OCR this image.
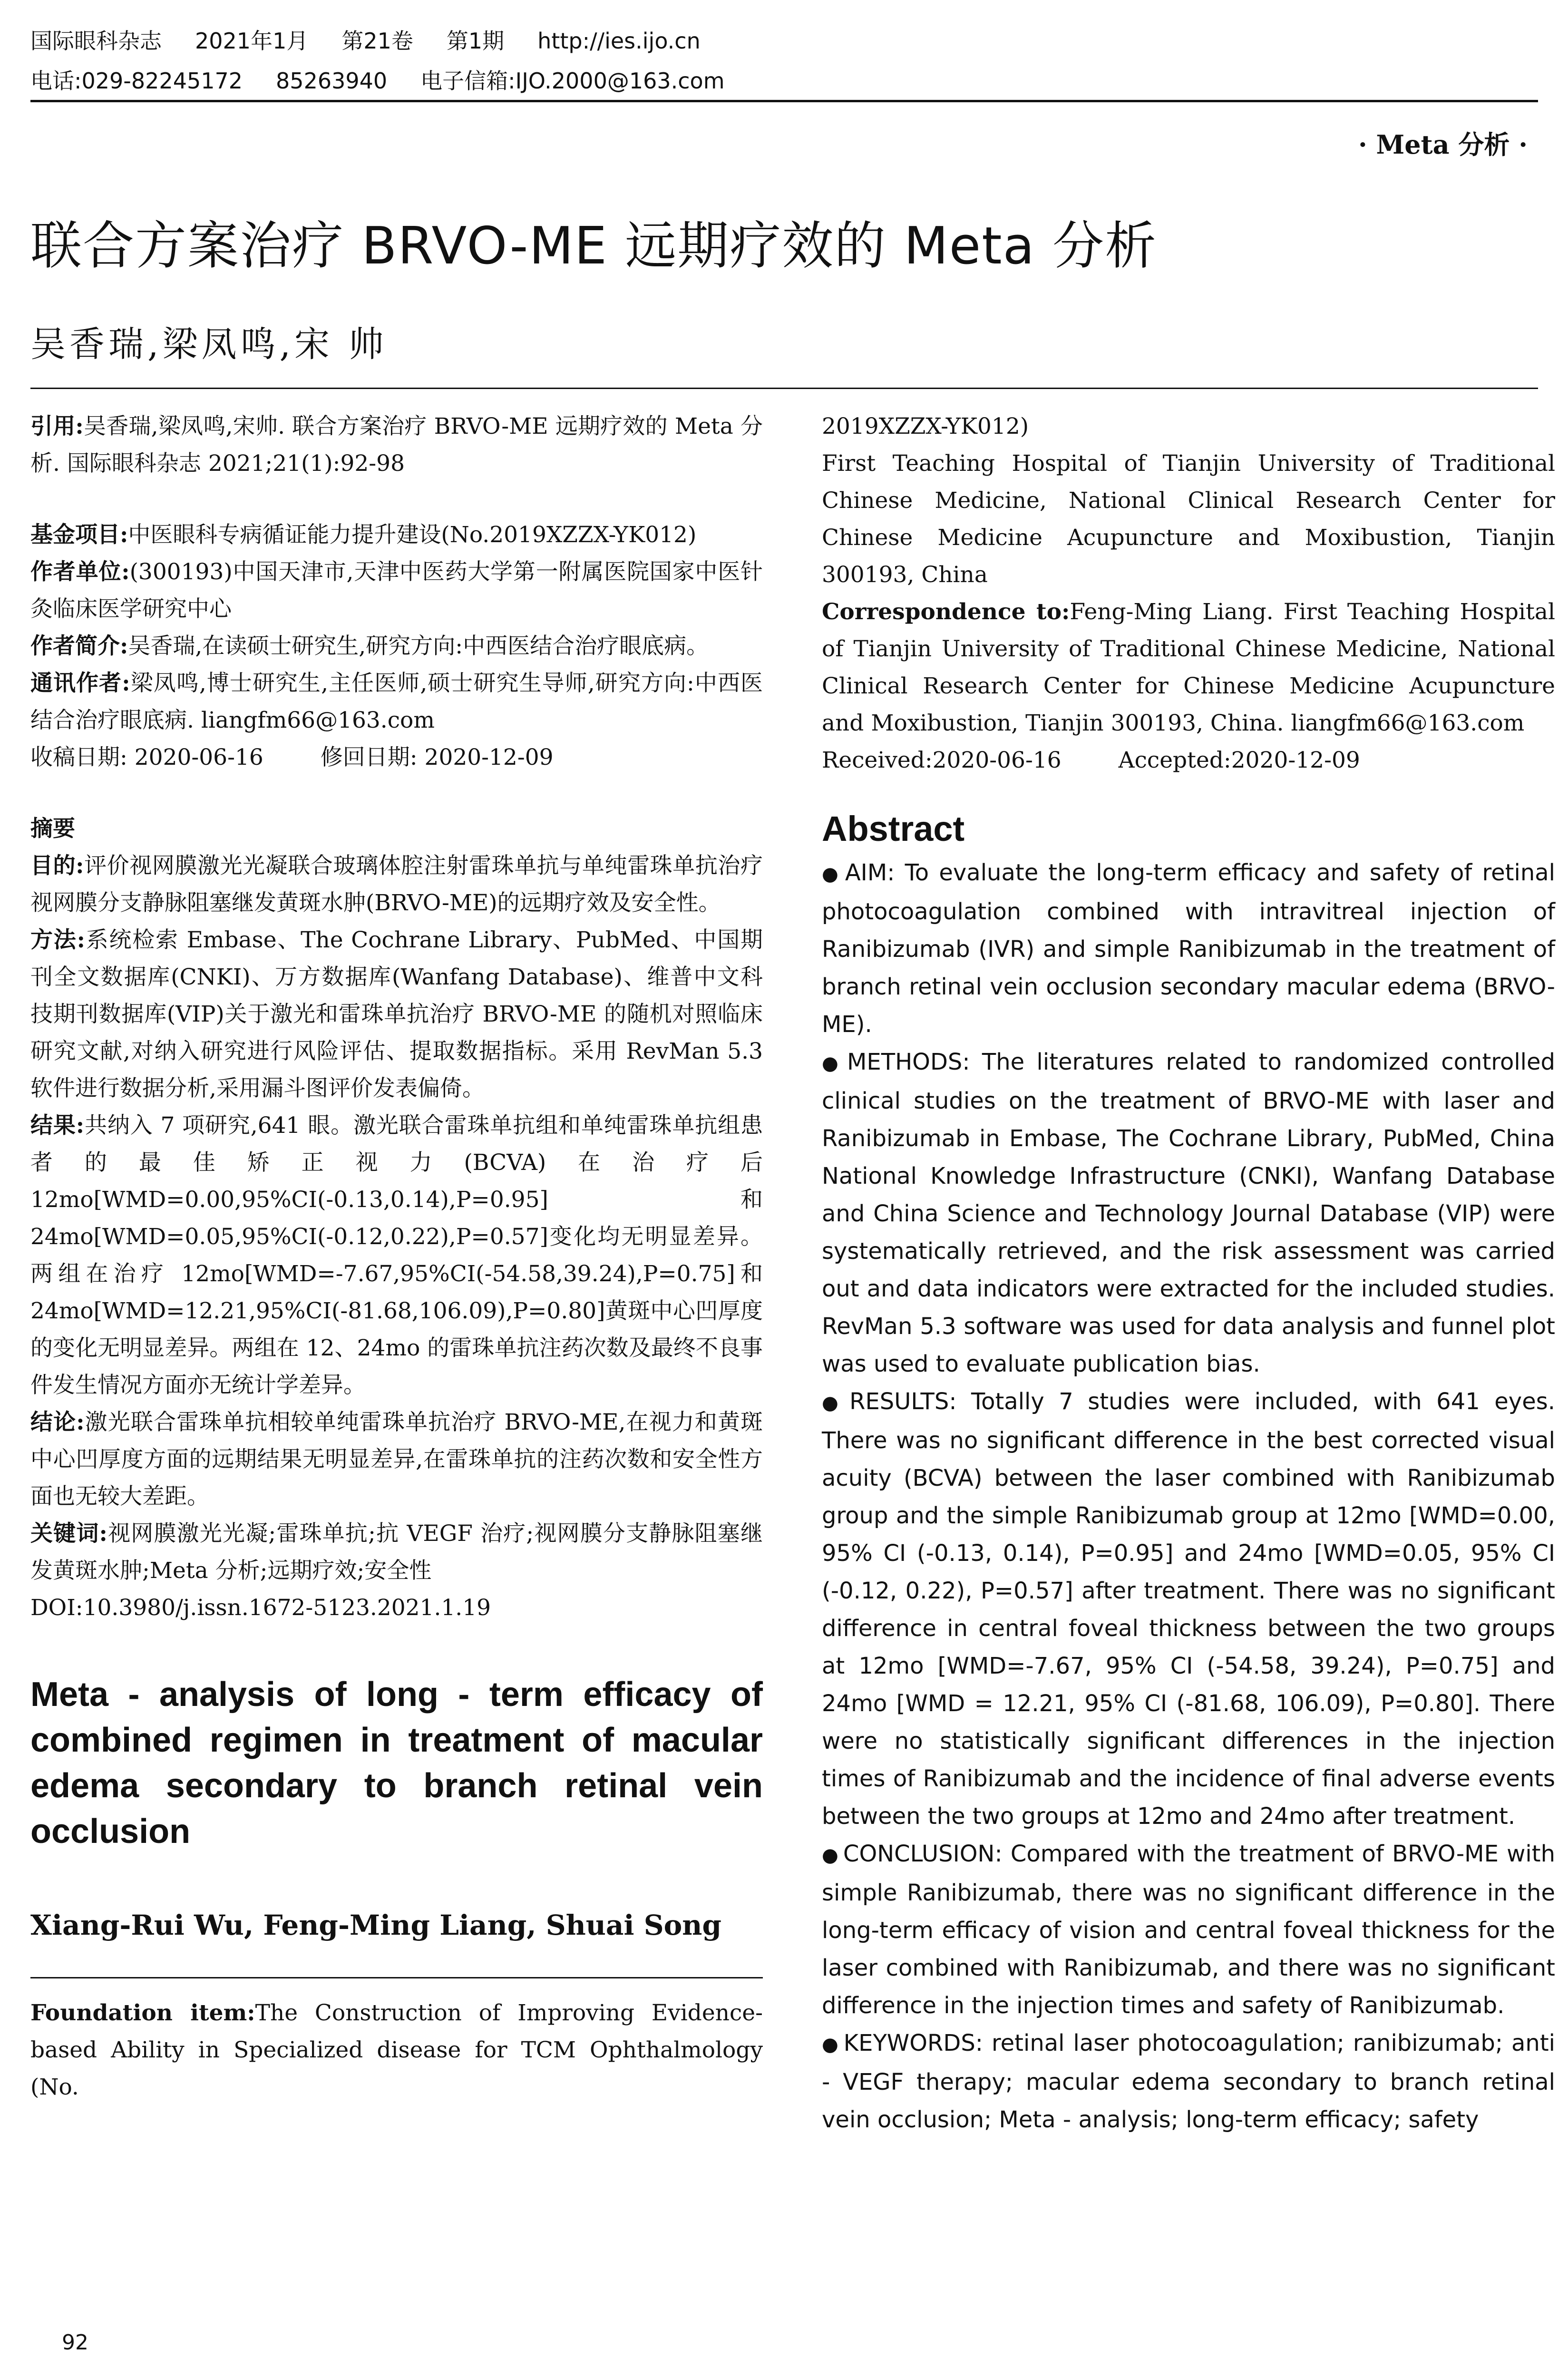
国际眼科杂志 2021年1月 第21卷 第1期 http://ies.ijo.cn
电话:029-82245172 85263940 电子信箱:IJO.2000@163.com
· Meta 分析 ·
联合方案治疗 BRVO-ME 远期疗效的 Meta 分析
吴香瑞,梁凤鸣,宋 帅

引用:吴香瑞,梁凤鸣,宋帅. 联合方案治疗 BRVO-ME 远期疗效的 Meta 分析. 国际眼科杂志 2021;21(1):92-98

基金项目:中医眼科专病循证能力提升建设(No.2019XZZX-YK012)

作者单位:(300193)中国天津市,天津中医药大学第一附属医院国家中医针灸临床医学研究中心

作者简介:吴香瑞,在读硕士研究生,研究方向:中西医结合治疗眼底病。

通讯作者:梁凤鸣,博士研究生,主任医师,硕士研究生导师,研究方向:中西医结合治疗眼底病. liangfm66@163.com

收稿日期: 2020-06-16	修回日期: 2020-12-09

摘要

目的:评价视网膜激光光凝联合玻璃体腔注射雷珠单抗与单纯雷珠单抗治疗视网膜分支静脉阻塞继发黄斑水肿(BRVO-ME)的远期疗效及安全性。

方法:系统检索 Embase、The Cochrane Library、PubMed、中国期刊全文数据库(CNKI)、万方数据库(Wanfang Database)、维普中文科技期刊数据库(VIP)关于激光和雷珠单抗治疗 BRVO-ME 的随机对照临床研究文献,对纳入研究进行风险评估、提取数据指标。采用 RevMan 5.3 软件进行数据分析,采用漏斗图评价发表偏倚。

结果:共纳入 7 项研究,641 眼。激光联合雷珠单抗组和单纯雷珠单抗组患者的最佳矫正视力(BCVA)在治疗后12mo[WMD=0.00,95%CI(-0.13,0.14),P=0.95]和 24mo[WMD=0.05,95%CI(-0.12,0.22),P=0.57]变化均无明显差异。两组在治疗 12mo[WMD=-7.67,95%CI(-54.58,39.24),P=0.75]和 24mo[WMD=12.21,95%CI(-81.68,106.09),P=0.80]黄斑中心凹厚度的变化无明显差异。两组在 12、24mo 的雷珠单抗注药次数及最终不良事件发生情况方面亦无统计学差异。

结论:激光联合雷珠单抗相较单纯雷珠单抗治疗 BRVO-ME,在视力和黄斑中心凹厚度方面的远期结果无明显差异,在雷珠单抗的注药次数和安全性方面也无较大差距。

关键词:视网膜激光光凝;雷珠单抗;抗 VEGF 治疗;视网膜分支静脉阻塞继发黄斑水肿;Meta 分析;远期疗效;安全性

DOI:10.3980/j.issn.1672-5123.2021.1.19

Meta - analysis of long - term efficacy of combined regimen in treatment of macular edema secondary to branch retinal vein occlusion
Xiang-Rui Wu, Feng-Ming Liang, Shuai Song

Foundation item:The Construction of Improving Evidence-based Ability in Specialized disease for TCM Ophthalmology (No.

2019XZZX-YK012)

First Teaching Hospital of Tianjin University of Traditional Chinese Medicine, National Clinical Research Center for Chinese Medicine Acupuncture and Moxibustion, Tianjin 300193, China

Correspondence to:Feng-Ming Liang. First Teaching Hospital of Tianjin University of Traditional Chinese Medicine, National Clinical Research Center for Chinese Medicine Acupuncture and Moxibustion, Tianjin 300193, China. liangfm66@163.com

Received:2020-06-16	Accepted:2020-12-09

Abstract

● AIM: To evaluate the long-term efficacy and safety of retinal photocoagulation combined with intravitreal injection of Ranibizumab (IVR) and simple Ranibizumab in the treatment of branch retinal vein occlusion secondary macular edema (BRVO-ME).

● METHODS: The literatures related to randomized controlled clinical studies on the treatment of BRVO-ME with laser and Ranibizumab in Embase, The Cochrane Library, PubMed, China National Knowledge Infrastructure (CNKI), Wanfang Database and China Science and Technology Journal Database (VIP) were systematically retrieved, and the risk assessment was carried out and data indicators were extracted for the included studies. RevMan 5.3 software was used for data analysis and funnel plot was used to evaluate publication bias.

● RESULTS: Totally 7 studies were included, with 641 eyes. There was no significant difference in the best corrected visual acuity (BCVA) between the laser combined with Ranibizumab group and the simple Ranibizumab group at 12mo [WMD=0.00, 95% CI (-0.13, 0.14), P=0.95] and 24mo [WMD=0.05, 95% CI (-0.12, 0.22), P=0.57] after treatment. There was no significant difference in central foveal thickness between the two groups at 12mo [WMD=-7.67, 95% CI (-54.58, 39.24), P=0.75] and 24mo [WMD = 12.21, 95% CI (-81.68, 106.09), P=0.80]. There were no statistically significant differences in the injection times of Ranibizumab and the incidence of final adverse events between the two groups at 12mo and 24mo after treatment.

● CONCLUSION: Compared with the treatment of BRVO-ME with simple Ranibizumab, there was no significant difference in the long-term efficacy of vision and central foveal thickness for the laser combined with Ranibizumab, and there was no significant difference in the injection times and safety of Ranibizumab.

● KEYWORDS: retinal laser photocoagulation; ranibizumab; anti - VEGF therapy; macular edema secondary to branch retinal vein occlusion; Meta - analysis; long-term efficacy; safety

92
